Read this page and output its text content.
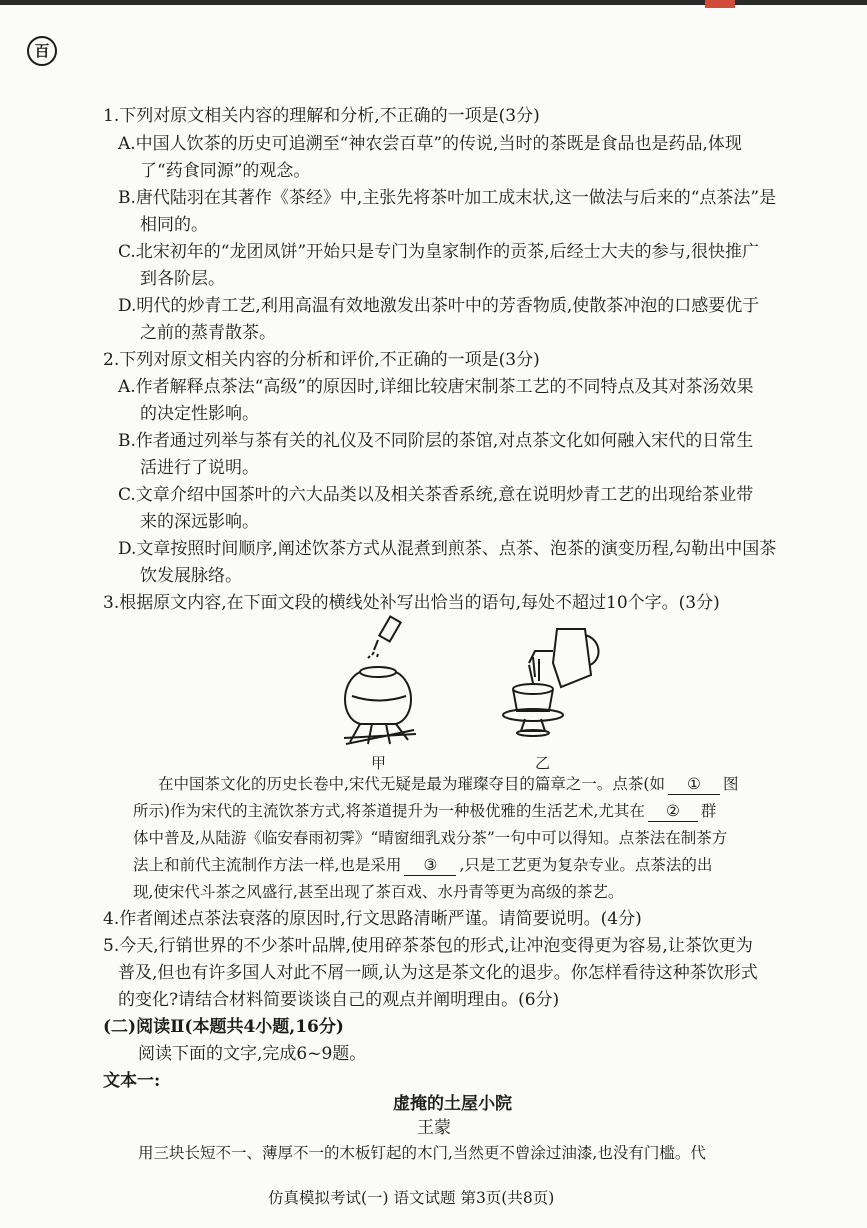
百
1.下列对原文相关内容的理解和分析,不正确的一项是(3分)
A.中国人饮茶的历史可追溯至“神农尝百草”的传说,当时的茶既是食品也是药品,体现
了“药食同源”的观念。
B.唐代陆羽在其著作《茶经》中,主张先将茶叶加工成末状,这一做法与后来的“点茶法”是
相同的。
C.北宋初年的“龙团凤饼”开始只是专门为皇家制作的贡茶,后经士大夫的参与,很快推广
到各阶层。
D.明代的炒青工艺,利用高温有效地激发出茶叶中的芳香物质,使散茶冲泡的口感要优于
之前的蒸青散茶。
2.下列对原文相关内容的分析和评价,不正确的一项是(3分)
A.作者解释点茶法“高级”的原因时,详细比较唐宋制茶工艺的不同特点及其对茶汤效果
的决定性影响。
B.作者通过列举与茶有关的礼仪及不同阶层的茶馆,对点茶文化如何融入宋代的日常生
活进行了说明。
C.文章介绍中国茶叶的六大品类以及相关茶香系统,意在说明炒青工艺的出现给茶业带
来的深远影响。
D.文章按照时间顺序,阐述饮茶方式从混煮到煎茶、点茶、泡茶的演变历程,勾勒出中国茶
饮发展脉络。
3.根据原文内容,在下面文段的横线处补写出恰当的语句,每处不超过10个字。(3分)
甲	乙
在中国茶文化的历史长卷中,宋代无疑是最为璀璨夺目的篇章之一。点茶(如 ① 图
所示)作为宋代的主流饮茶方式,将茶道提升为一种极优雅的生活艺术,尤其在 ② 群
体中普及,从陆游《临安春雨初霁》“晴窗细乳戏分茶”一句中可以得知。点茶法在制茶方
法上和前代主流制作方法一样,也是采用 ③ ,只是工艺更为复杂专业。点茶法的出
现,使宋代斗茶之风盛行,甚至出现了茶百戏、水丹青等更为高级的茶艺。
4.作者阐述点茶法衰落的原因时,行文思路清晰严谨。请简要说明。(4分)
5.今天,行销世界的不少茶叶品牌,使用碎茶茶包的形式,让冲泡变得更为容易,让茶饮更为
普及,但也有许多国人对此不屑一顾,认为这是茶文化的退步。你怎样看待这种茶饮形式
的变化?请结合材料简要谈谈自己的观点并阐明理由。(6分)
(二)阅读Ⅱ(本题共4小题,16分)
阅读下面的文字,完成6~9题。
文本一:
虚掩的土屋小院
王蒙
用三块长短不一、薄厚不一的木板钉起的木门,当然更不曾涂过油漆,也没有门槛。代
仿真模拟考试(一) 语文试题 第3页(共8页)
